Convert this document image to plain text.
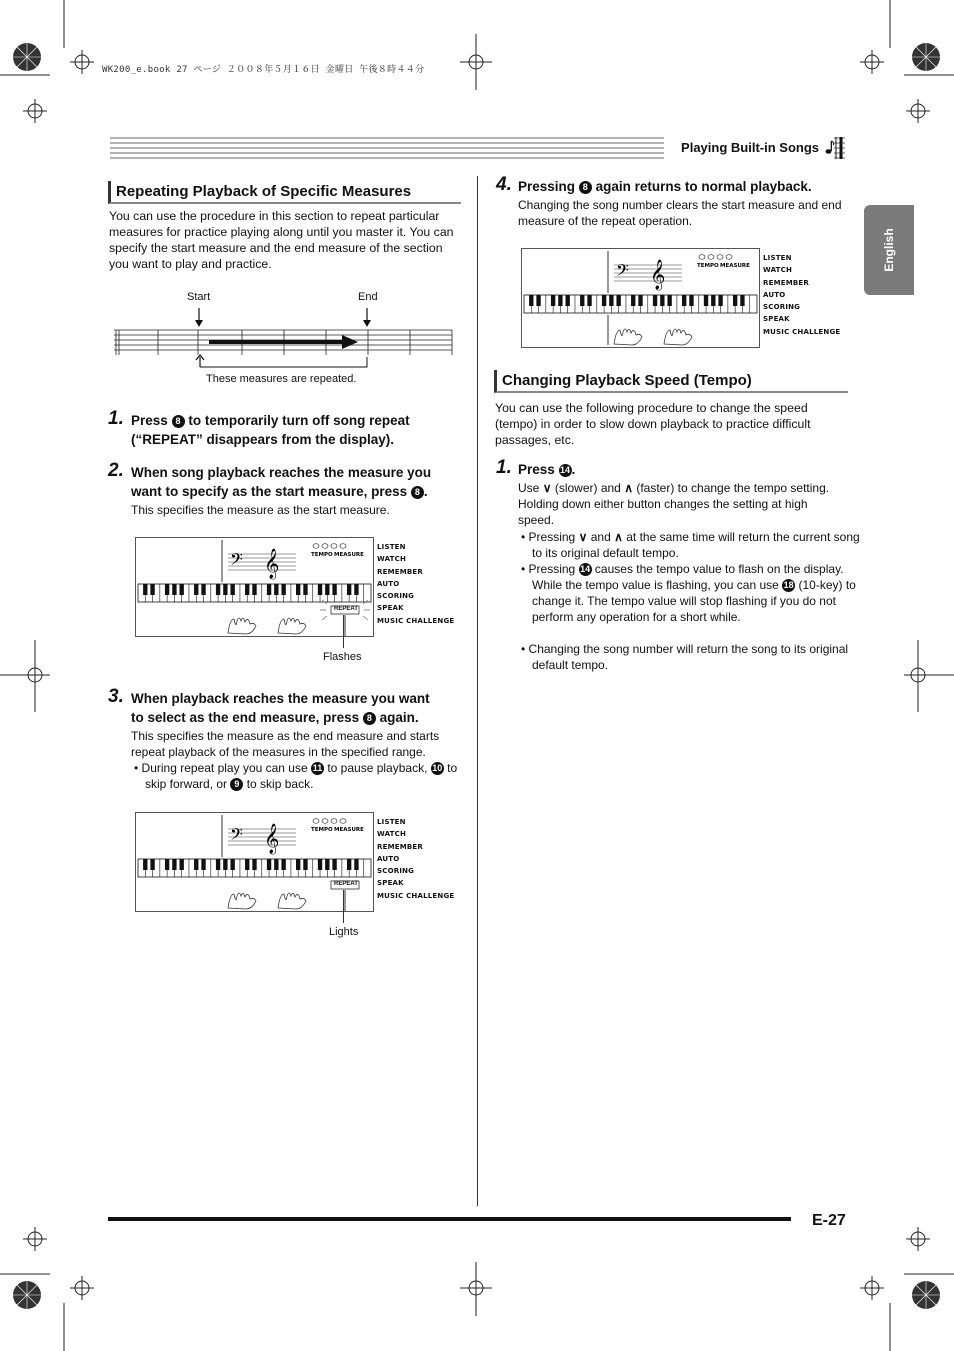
WK200_e.book 27 ページ ２００８年５月１６日 金曜日 午後８時４４分
Playing Built-in Songs
English
Repeating Playback of Specific Measures
You can use the procedure in this section to repeat particular measures for practice playing along until you master it. You can specify the start measure and the end measure of the section you want to play and practice.
Start	End
These measures are repeated.
1. Press 8 to temporarily turn off song repeat
(“REPEAT” disappears from the display).
2. When song playback reaches the measure you
want to specify as the start measure, press 8 .
This specifies the measure as the start measure.
𝄢 𝄞	TEMPO MEASURE
REPEAT
LISTEN
WATCH
REMEMBER
AUTO
SCORING
SPEAK
MUSIC CHALLENGE
Flashes
3. When playback reaches the measure you want
to select as the end measure, press 8 again.
This specifies the measure as the end measure and starts repeat playback of the measures in the specified range.
• During repeat play you can use 11 to pause playback, 10 to skip forward, or 9 to skip back.
𝄢 𝄞	TEMPO MEASURE
REPEAT
LISTEN
WATCH
REMEMBER
AUTO
SCORING
SPEAK
MUSIC CHALLENGE
Lights
4. Pressing 8 again returns to normal playback.
Changing the song number clears the start measure and end measure of the repeat operation.
𝄢 𝄞	TEMPO MEASURE
LISTEN
WATCH
REMEMBER
AUTO
SCORING
SPEAK
MUSIC CHALLENGE
Changing Playback Speed (Tempo)
You can use the following procedure to change the speed (tempo) in order to slow down playback to practice difficult passages, etc.
1. Press 14 .
Use ∨ (slower) and ∧ (faster) to change the tempo setting. Holding down either button changes the setting at high speed.
• Pressing ∨ and ∧ at the same time will return the current song to its original default tempo.
• Pressing 14 causes the tempo value to flash on the display. While the tempo value is flashing, you can use 18 (10-key) to change it. The tempo value will stop flashing if you do not perform any operation for a short while.
• Changing the song number will return the song to its original default tempo.
E-27
